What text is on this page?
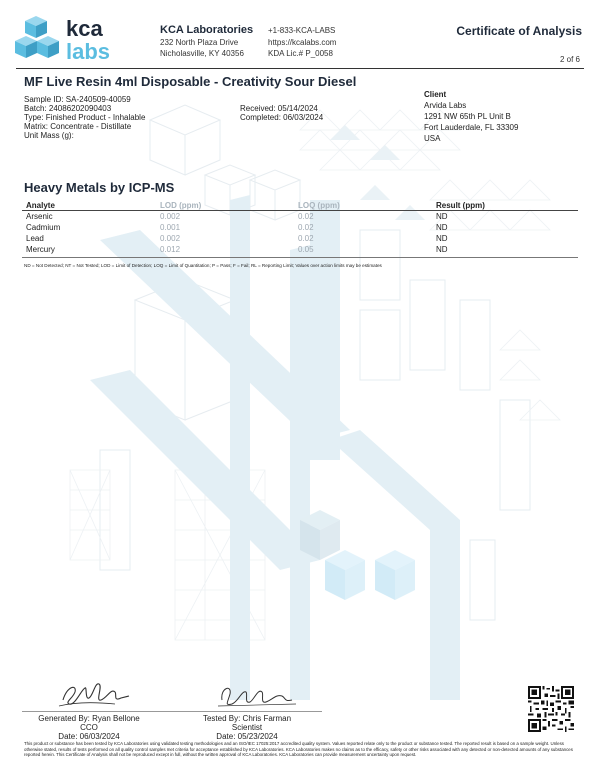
kca
labs
KCA Laboratories
232 North Plaza Drive
Nicholasville, KY 40356
+1-833-KCA-LABS
https://kcalabs.com
KDA Lic.# P_0058
Certificate of Analysis
2 of 6
MF Live Resin 4ml Disposable - Creativity Sour Diesel
Sample ID: SA-240509-40059
Batch: 24086202090403
Type: Finished Product - Inhalable
Matrix: Concentrate - Distillate
Unit Mass (g):
Received: 05/14/2024
Completed: 06/03/2024
Client
Arvida Labs
1291 NW 65th PL Unit B
Fort Lauderdale, FL 33309
USA
Heavy Metals by ICP-MS
Analyte	LOD (ppm)	LOQ (ppm)	Result (ppm)
Arsenic	0.002	0.02	ND
Cadmium	0.001	0.02	ND
Lead	0.002	0.02	ND
Mercury	0.012	0.05	ND
ND = Not Detected; NT = Not Tested; LOD = Limit of Detection; LOQ = Limit of Quantitation; P = Pass; F = Fail; RL = Reporting Limit; Values over action limits may be estimates
Generated By: Ryan Bellone
CCO
Date: 06/03/2024
Tested By: Chris Farman
Scientist
Date: 05/23/2024
This product or substance has been tested by KCA Laboratories using validated testing methodologies and an ISO/IEC 17025:2017 accredited quality system. Values reported relate only to the product or substance tested. The reported result is based on a sample weight. Unless otherwise stated, results of tests performed on all quality control samples met criteria for acceptance established by KCA Laboratories. KCA Laboratories makes no claims as to the efficacy, safety or other risks associated with any detected or non-detected amounts of any substances reported herein. This Certificate of Analysis shall not be reproduced except in full, without the written approval of KCA Laboratories. KCA Laboratories can provide measurement uncertainty upon request.
